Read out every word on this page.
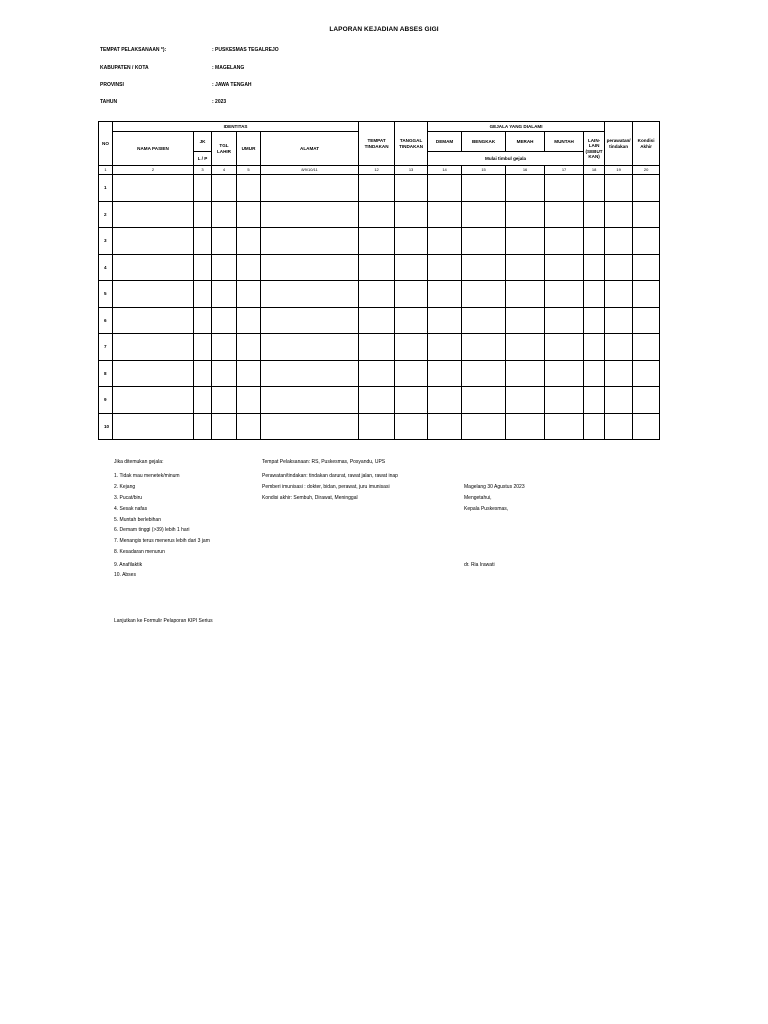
LAPORAN KEJADIAN ABSES GIGI
TEMPAT PELAKSANAAN *):	: PUSKESMAS TEGALREJO
KABUPATEN / KOTA	: MAGELANG
PROVINSI	: JAWA TENGAH
TAHUN	: 2023
NO	IDENTITAS					TEMPAT TINDAKAN	TANGGAL TINDAKAN	GEJALA YANG DIALAMI					perawatan/ tindakan	Kondisi Akhir
	NAMA PASIEN	JK	TGL LAHIR	UMUR	ALAMAT			DEMAM	BENGKAK	MERAH	MUNTAH	LAIN-LAIN (SEBUT KAN)		
		L / P						Mulai timbul gejala						
1	2	3	4	5	8/9/10/11	12	13	14	15	16	17	18	19	20
1														
2														
3														
4														
5														
6														
7														
8														
9														
10														
Jika ditemukan gejala:
1. Tidak mau menetek/minum
2. Kejang
3. Pucat/biru
4. Sesak nafas
5. Muntah berlebihan
6. Demam tinggi (>39) lebih 1 hari
7. Menangis terus menerus lebih dari 3 jam
8. Kesadaran menurun
9. Anafilaktik
10. Abses
Tempat Pelaksanaan: RS, Puskesmas, Posyandu, UPS
Perawatan/tindakan: tindakan darurat, rawat jalan, rawat inap
Pemberi imunisasi : dokter, bidan, perawat, juru imunisasi
Kondisi akhir: Sembuh, Dirawat, Meninggal
Magelang 30 Agustus 2023
Mengetahui,
Kepala Puskesmas,
dr. Ria Irawati
Lanjutkan ke Formulir Pelaporan KIPI Serius
